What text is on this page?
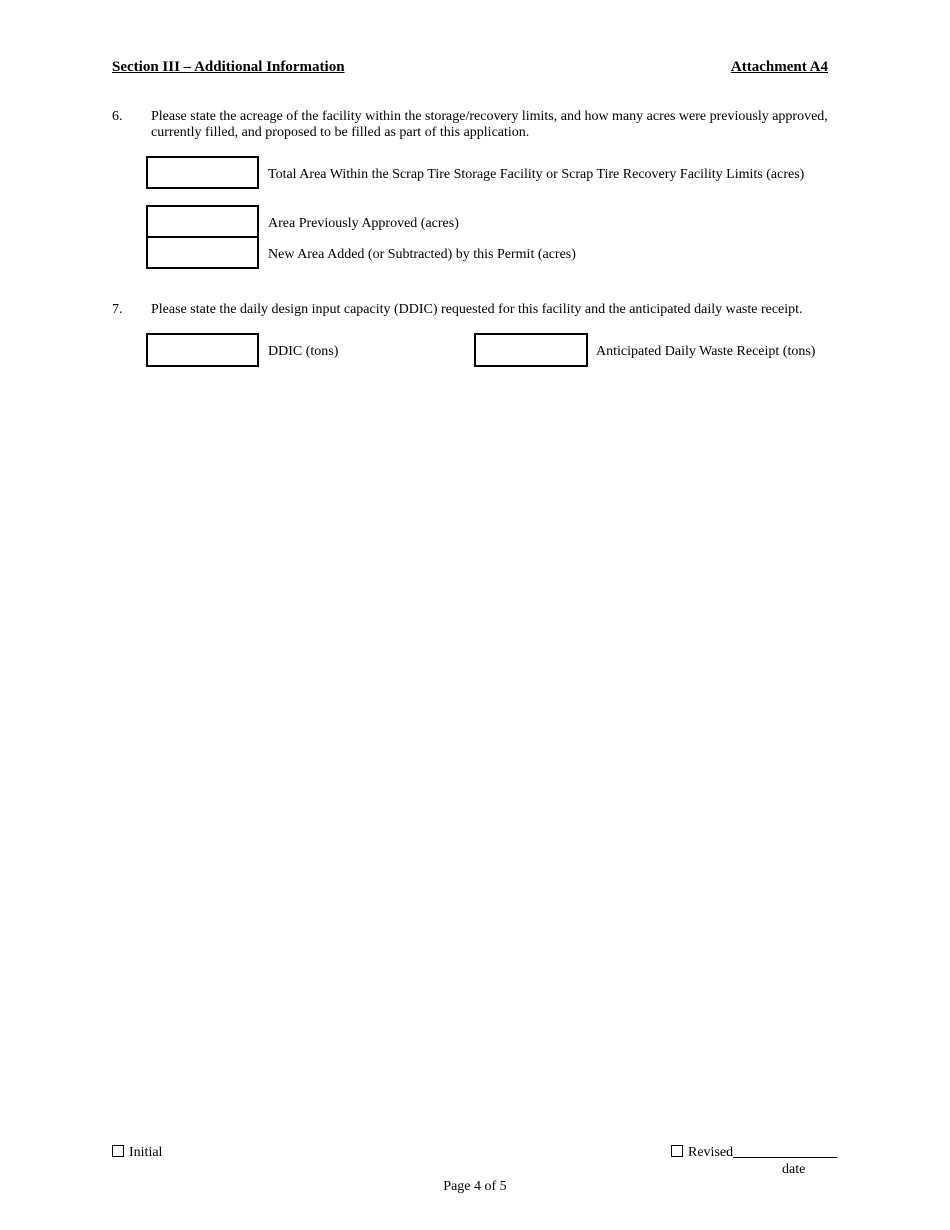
Section III – Additional Information	Attachment A4
6. Please state the acreage of the facility within the storage/recovery limits, and how many acres were previously approved, currently filled, and proposed to be filled as part of this application.
Total Area Within the Scrap Tire Storage Facility or Scrap Tire Recovery Facility Limits (acres)
Area Previously Approved (acres)
New Area Added (or Subtracted) by this Permit (acres)
7. Please state the daily design input capacity (DDIC) requested for this facility and the anticipated daily waste receipt.
DDIC (tons)	Anticipated Daily Waste Receipt (tons)
Initial	Revised
date
Page 4 of 5
